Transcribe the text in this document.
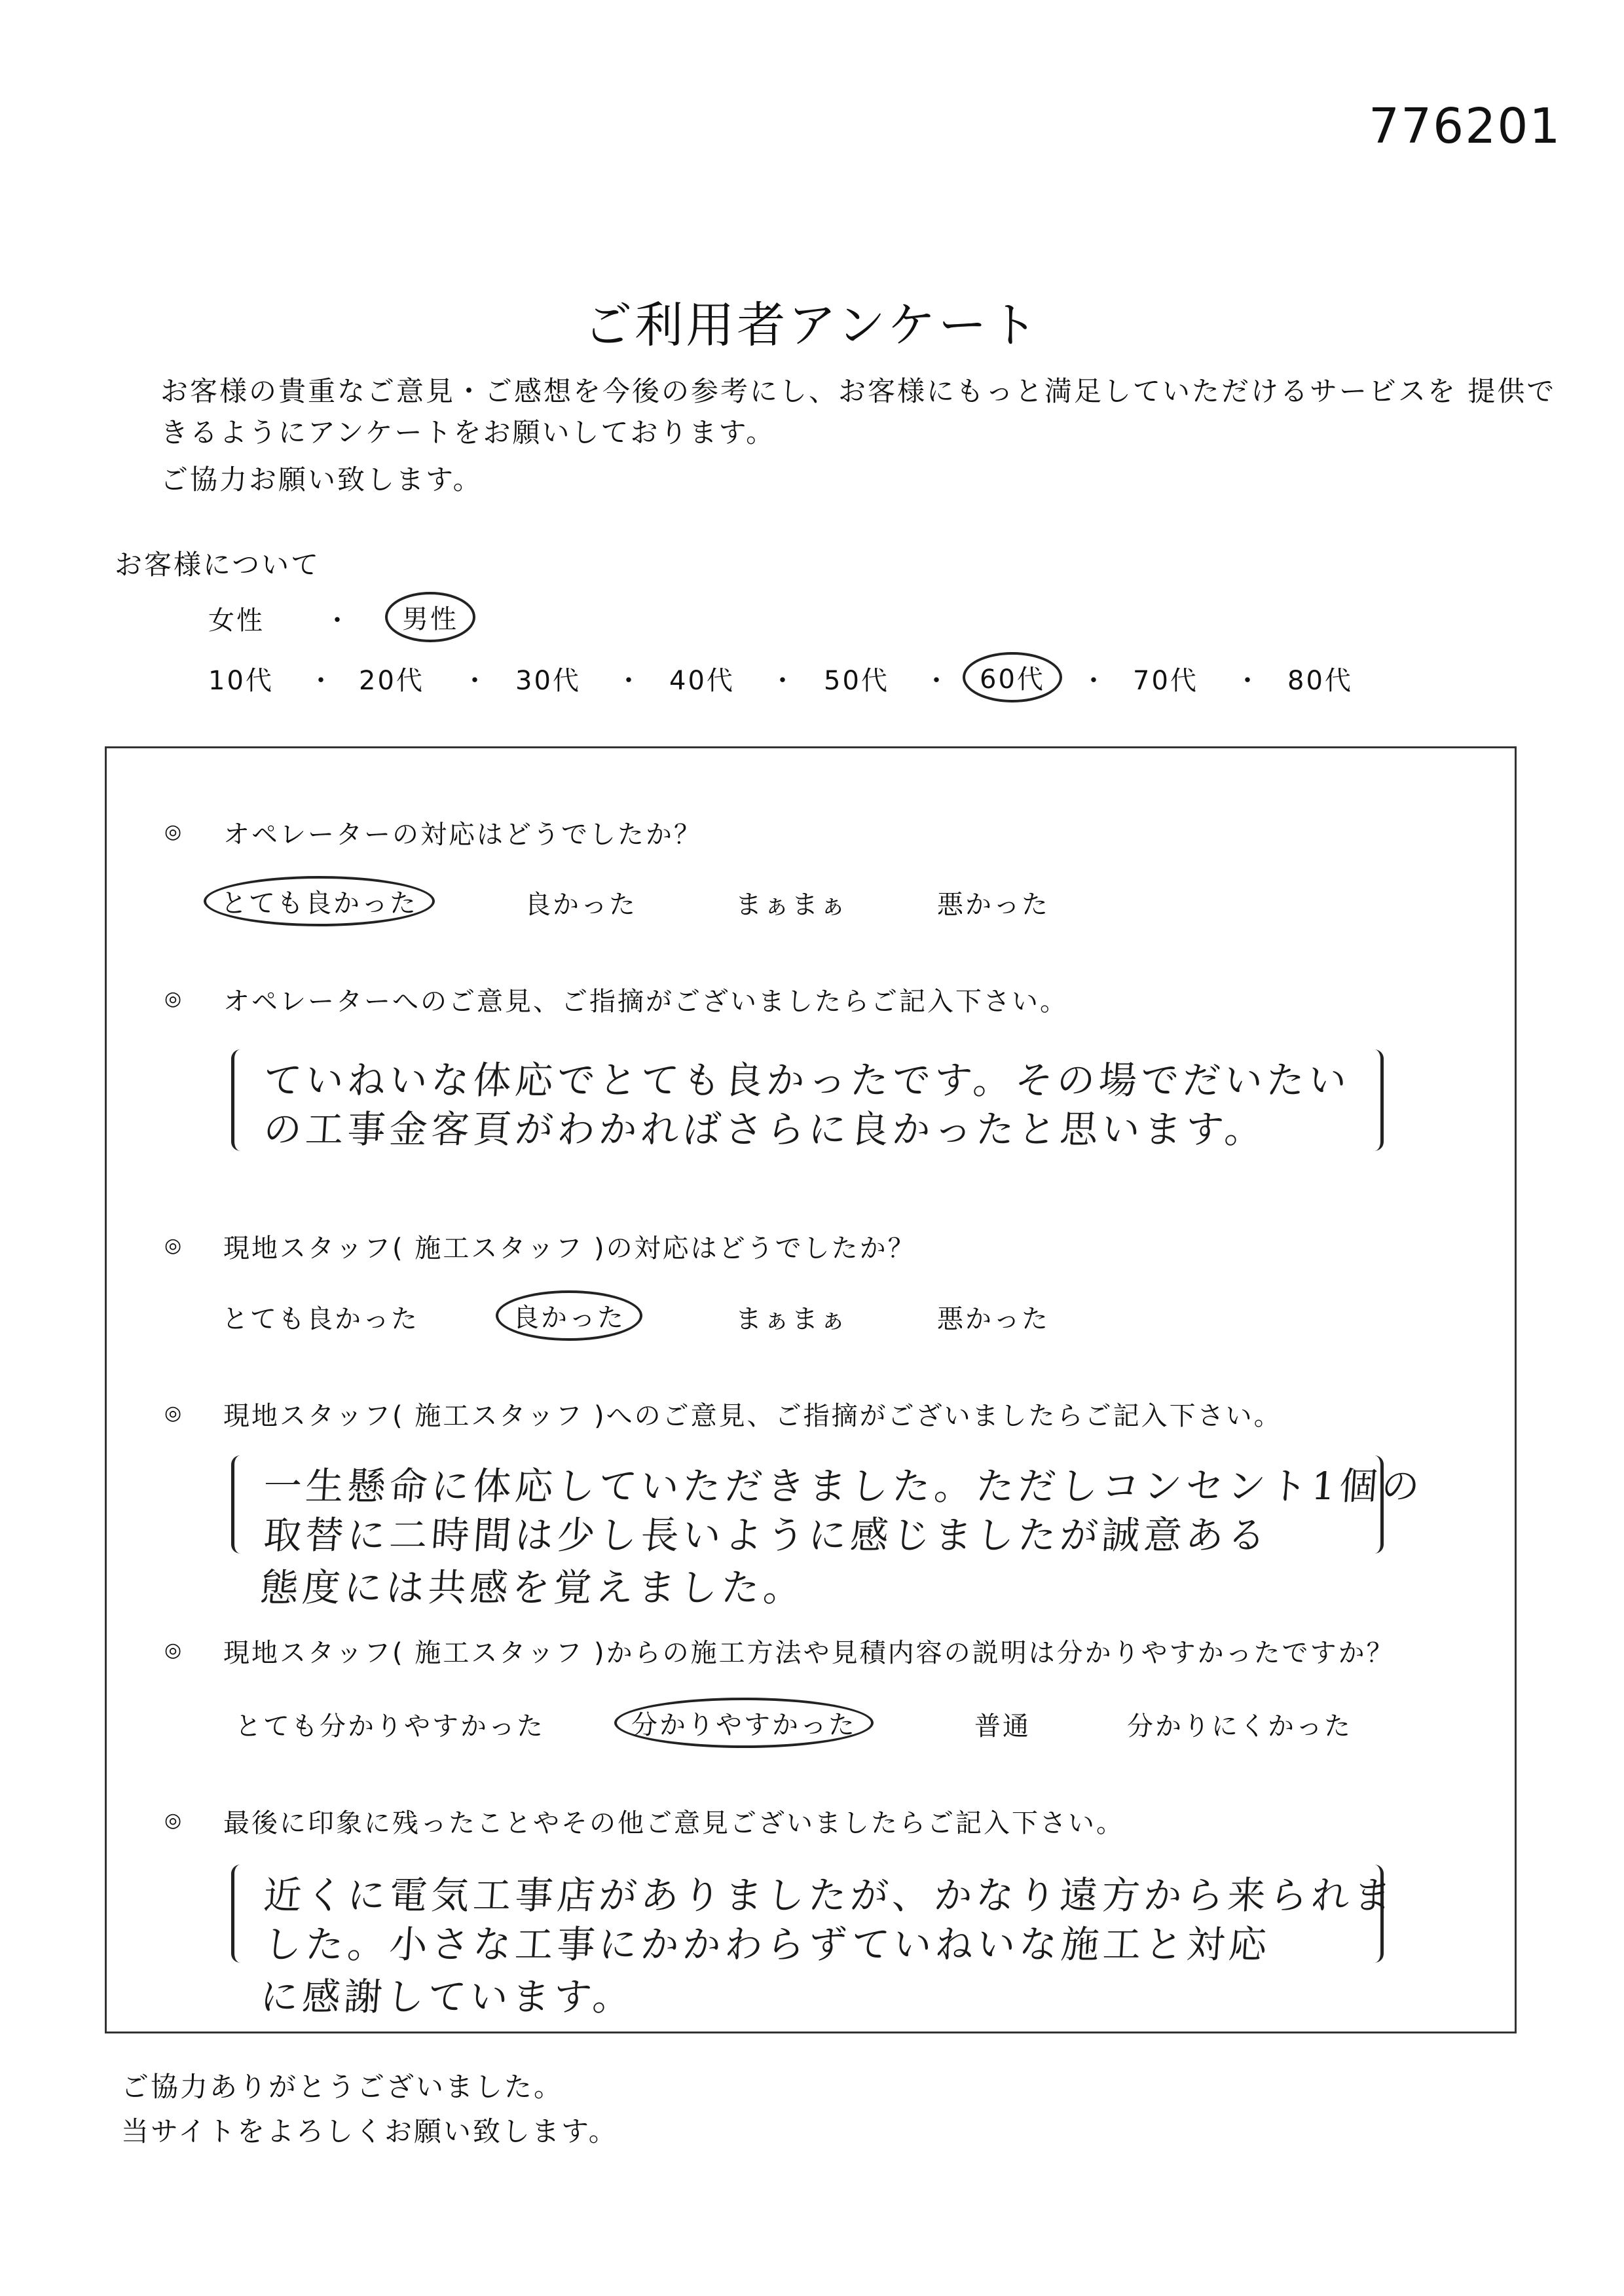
776201
ご利用者アンケート
お客様の貴重なご意見・ご感想を今後の参考にし、お客様にもっと満足していただけるサービスを 提供で
きるようにアンケートをお願いしております。
ご協力お願い致します。
お客様について
女性 ・	男性
10代 ・ 20代 ・ 30代 ・ 40代 ・ 50代 ・	60代	・ 70代 ・ 80代
◎ オペレーターの対応はどうでしたか？
とても良かった	良かった	まぁまぁ	悪かった
◎ オペレーターへのご意見、ご指摘がございましたらご記入下さい。
ていねいな体応でとても良かったです。その場でだいたい
の工事金客頁がわかればさらに良かったと思います。
◎ 現地スタッフ( 施工スタッフ )の対応はどうでしたか？
とても良かった	良かった	まぁまぁ	悪かった
◎ 現地スタッフ( 施工スタッフ )へのご意見、ご指摘がございましたらご記入下さい。
一生懸命に体応していただきました。ただしコンセント1個の
取替に二時間は少し長いように感じましたが誠意ある
態度には共感を覚えました。
◎ 現地スタッフ( 施工スタッフ )からの施工方法や見積内容の説明は分かりやすかったですか？
とても分かりやすかった	分かりやすかった	普通	分かりにくかった
◎ 最後に印象に残ったことやその他ご意見ございましたらご記入下さい。
近くに電気工事店がありましたが、かなり遠方から来られま
した。小さな工事にかかわらずていねいな施工と対応
に感謝しています。
ご協力ありがとうございました。
当サイトをよろしくお願い致します。
